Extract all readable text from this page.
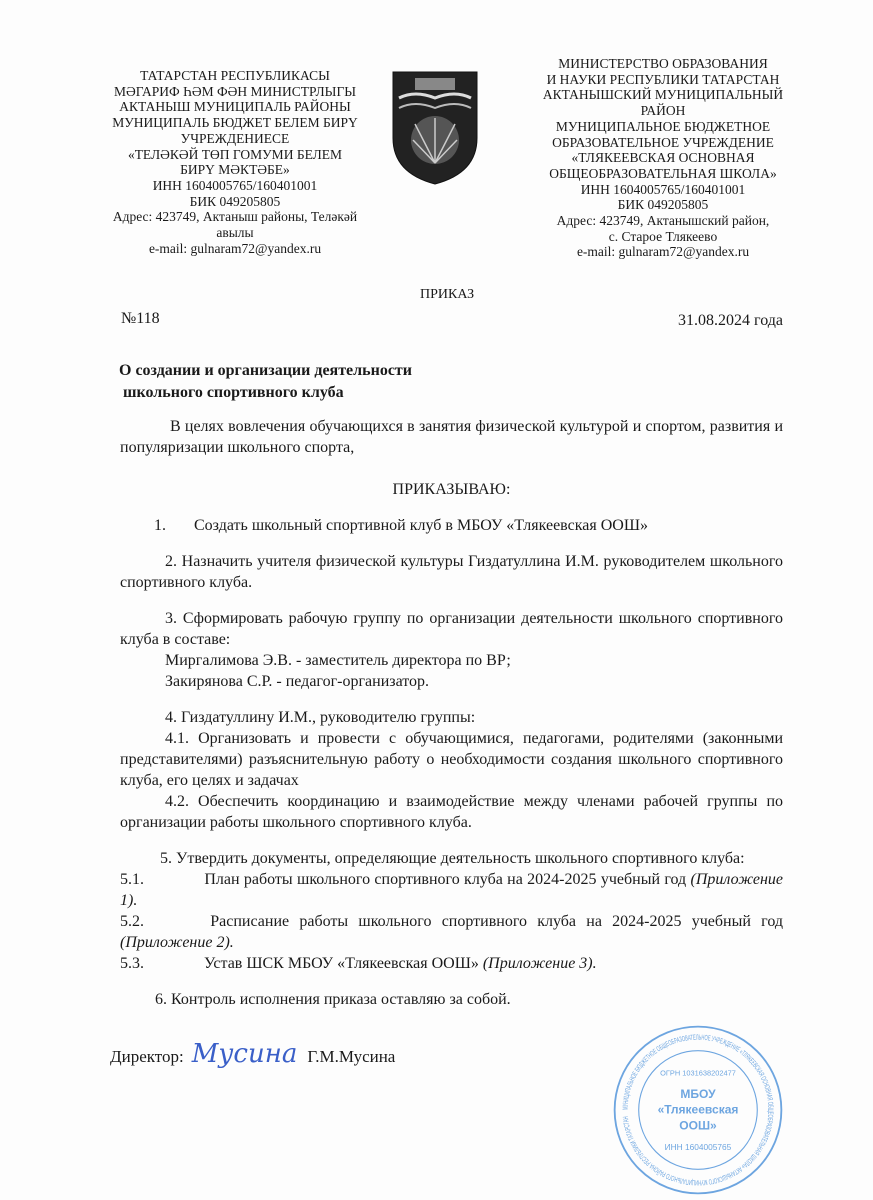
ТАТАРСТАН РЕСПУБЛИКАСЫ
МӘГАРИФ ҺӘМ ФӘН МИНИСТРЛЫГЫ
АКТАНЫШ МУНИЦИПАЛЬ РАЙОНЫ
МУНИЦИПАЛЬ БЮДЖЕТ БЕЛЕМ БИРҮ
УЧРЕЖДЕНИЕСЕ
«ТЕЛӘКӘЙ ТӨП ГОМУМИ БЕЛЕМ
БИРҮ МӘКТӘБЕ»
ИНН 1604005765/160401001
БИК 049205805
Адрес: 423749, Актаныш районы, Теләкәй
авылы
e-mail: gulnaram72@yandex.ru
МИНИСТЕРСТВО ОБРАЗОВАНИЯ
И НАУКИ РЕСПУБЛИКИ ТАТАРСТАН
АКТАНЫШСКИЙ МУНИЦИПАЛЬНЫЙ
РАЙОН
МУНИЦИПАЛЬНОЕ БЮДЖЕТНОЕ
ОБРАЗОВАТЕЛЬНОЕ УЧРЕЖДЕНИЕ
«ТЛЯКЕЕВСКАЯ ОСНОВНАЯ
ОБЩЕОБРАЗОВАТЕЛЬНАЯ ШКОЛА»
ИНН 1604005765/160401001
БИК 049205805
Адрес: 423749, Актанышский район,
с. Старое Тлякеево
e-mail: gulnaram72@yandex.ru
ПРИКАЗ
№118	31.08.2024 года
О создании и организации деятельности
школьного спортивного клуба

В целях вовлечения обучающихся в занятия физической культурой и спортом, развития и популяризации школьного спорта,

ПРИКАЗЫВАЮ:

1. Создать школьный спортивной клуб в МБОУ «Тлякеевская ООШ»

2. Назначить учителя физической культуры Гиздатуллина И.М. руководителем школьного спортивного клуба.

3. Сформировать рабочую группу по организации деятельности школьного спортивного клуба в составе:

Миргалимова Э.В. - заместитель директора по ВР;

Закирянова С.Р. - педагог-организатор.

4. Гиздатуллину И.М., руководителю группы:

4.1. Организовать и провести с обучающимися, педагогами, родителями (законными представителями) разъяснительную работу о необходимости создания школьного спортивного клуба, его целях и задачах

4.2. Обеспечить координацию и взаимодействие между членами рабочей группы по организации работы школьного спортивного клуба.

5. Утвердить документы, определяющие деятельность школьного спортивного клуба:

5.1.	План работы школьного спортивного клуба на 2024-2025 учебный год (Приложение 1).

5.2.	Расписание работы школьного спортивного клуба на 2024-2025 учебный год (Приложение 2).

5.3.	Устав ШСК МБОУ «Тлякеевская ООШ» (Приложение 3).

6. Контроль исполнения приказа оставляю за собой.

Директор: Мусина Г.М.Мусина
МУНИЦИПАЛЬНОЕ БЮДЖЕТНОЕ ОБЩЕОБРАЗОВАТЕЛЬНОЕ УЧРЕЖДЕНИЕ «ТЛЯКЕЕВСКАЯ ОСНОВНАЯ ОБЩЕОБРАЗОВАТЕЛЬНАЯ ШКОЛА» АКТАНЫШСКОГО МУНИЦИПАЛЬНОГО РАЙОНА РЕСПУБЛИКИ ТАТАРСТАН
ОГРН 1031638202477
МБОУ
«Тлякеевская
ООШ»
ИНН 1604005765
